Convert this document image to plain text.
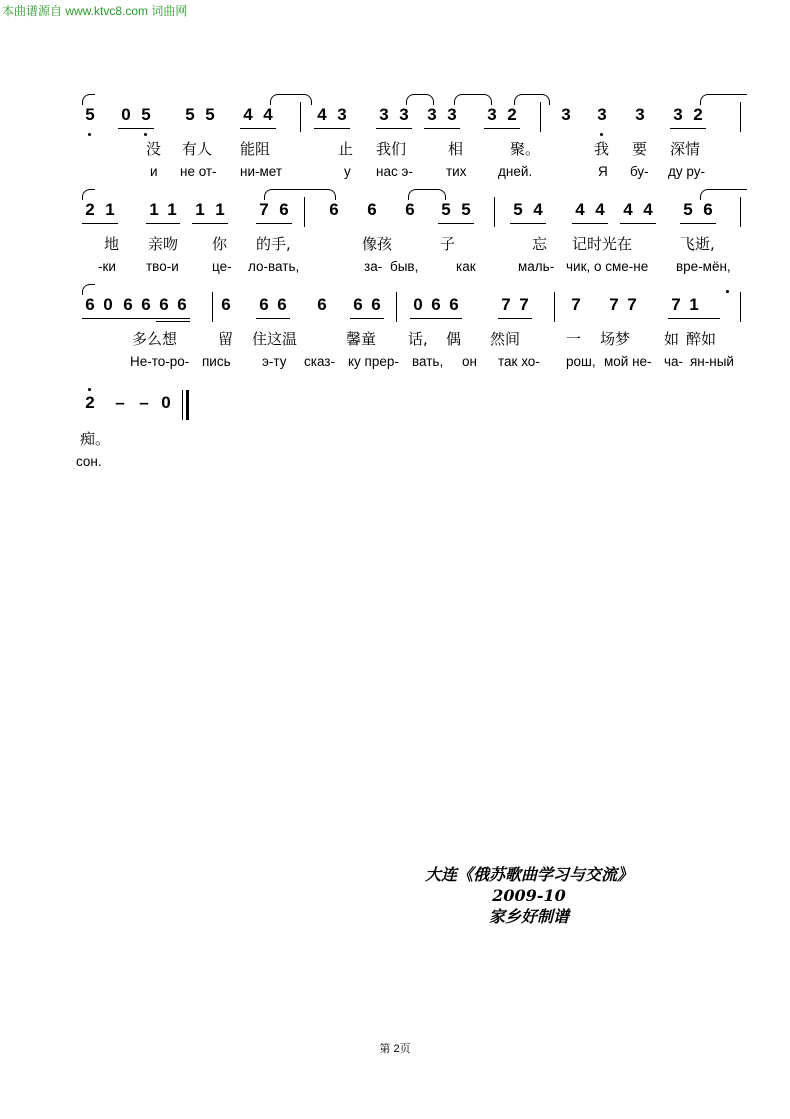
本曲谱源自 www.ktvc8.com 词曲网
5 0 5 5 5 4 4	4 3 3 3 3 3 3 2	3 3 3 3 2
没 有人 能阻	止 我们	相	聚。	我 要 深情
и не от- ни-мет	у нас э- тих дней.	Я бу- ду ру-
2 1 1 1 1 1 7 6 6 6 6 5 5	5 4 4 4 4 4 5 6
地 亲吻 你 的手,	像孩	子	忘 记时光在	飞逝,
-ки тво-и це- ло-вать,	за- быв,	как	маль- чик, о сме-не вре-мён,
6 0 6 6 6 6 6 6 6 6 6 6 0 6 6	7 7	7 7 7 7 1
多么想	留 住这温	馨童 话, 偶 然间	一 场梦 如 醉如
Не-то-ро- пись э-ту сказ- ку прер- вать, он так хо- рош, мой не- ча- ян-ный
2 – – 0
痴。
сон.
大连《俄苏歌曲学习与交流》
2009-10
家乡好制谱
第 2页
